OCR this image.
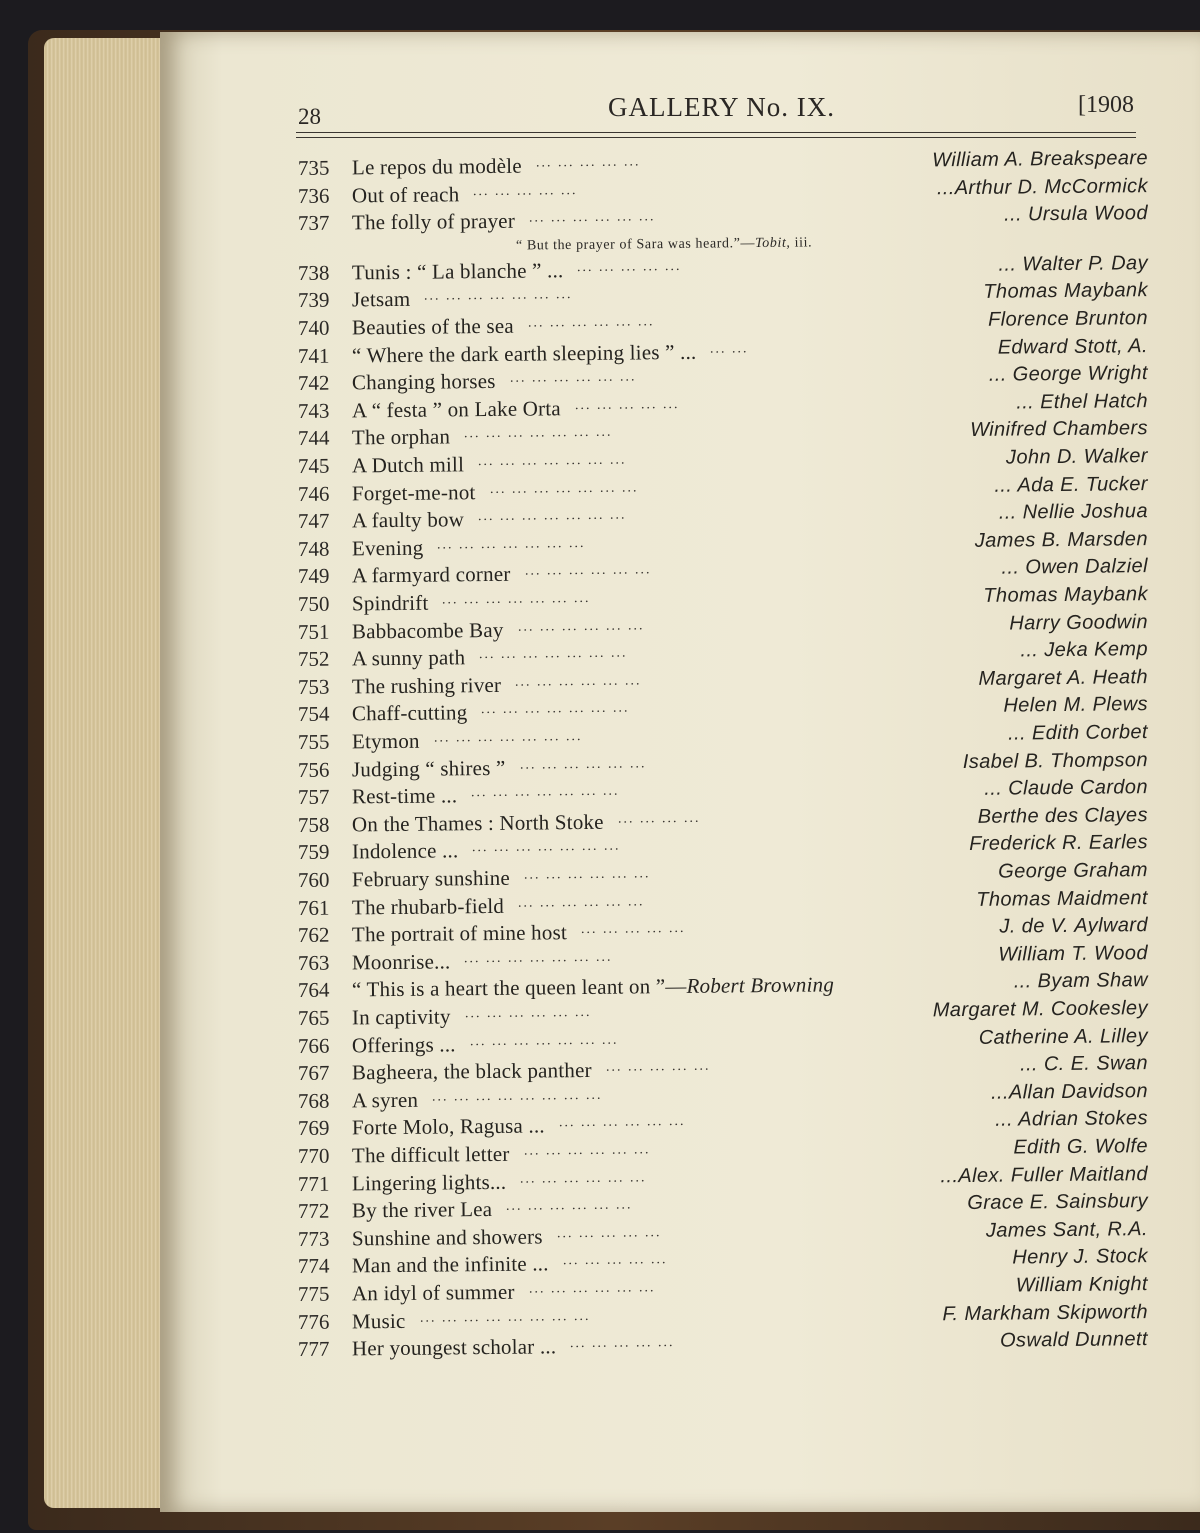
28	GALLERY No. IX.	[1908
“ But the prayer of Sara was heard.”—Tobit, iii.
735	Le repos du modèle	William A. Breakspeare
... ... ... ... ...
736	Out of reach	...Arthur D. McCormick
... ... ... ... ...
737	The folly of prayer	... Ursula Wood
... ... ... ... ... ...
738	Tunis : “ La blanche ” ...	... Walter P. Day
... ... ... ... ...
739	Jetsam	Thomas Maybank
... ... ... ... ... ... ...
740	Beauties of the sea	Florence Brunton
... ... ... ... ... ...
741	“ Where the dark earth sleeping lies ” ...	Edward Stott, A.
... ...
742	Changing horses	... George Wright
... ... ... ... ... ...
743	A “ festa ” on Lake Orta	... Ethel Hatch
... ... ... ... ...
744	The orphan	Winifred Chambers
... ... ... ... ... ... ...
745	A Dutch mill	John D. Walker
... ... ... ... ... ... ...
746	Forget-me-not	... Ada E. Tucker
... ... ... ... ... ... ...
747	A faulty bow	... Nellie Joshua
... ... ... ... ... ... ...
748	Evening	James B. Marsden
... ... ... ... ... ... ...
749	A farmyard corner	... Owen Dalziel
... ... ... ... ... ...
750	Spindrift	Thomas Maybank
... ... ... ... ... ... ...
751	Babbacombe Bay	Harry Goodwin
... ... ... ... ... ...
752	A sunny path	... Jeka Kemp
... ... ... ... ... ... ...
753	The rushing river	Margaret A. Heath
... ... ... ... ... ...
754	Chaff-cutting	Helen M. Plews
... ... ... ... ... ... ...
755	Etymon	... Edith Corbet
... ... ... ... ... ... ...
756	Judging “ shires ”	Isabel B. Thompson
... ... ... ... ... ...
757	Rest-time ...	... Claude Cardon
... ... ... ... ... ... ...
758	On the Thames : North Stoke	Berthe des Clayes
... ... ... ...
759	Indolence ...	Frederick R. Earles
... ... ... ... ... ... ...
760	February sunshine	George Graham
... ... ... ... ... ...
761	The rhubarb-field	Thomas Maidment
... ... ... ... ... ...
762	The portrait of mine host	J. de V. Aylward
... ... ... ... ...
763	Moonrise...	William T. Wood
... ... ... ... ... ... ...
764	“ This is a heart the queen leant on ”—Robert Browning	... Byam Shaw
765	In captivity	Margaret M. Cookesley
... ... ... ... ... ...
766	Offerings ...	Catherine A. Lilley
... ... ... ... ... ... ...
767	Bagheera, the black panther	... C. E. Swan
... ... ... ... ...
768	A syren	...Allan Davidson
... ... ... ... ... ... ... ...
769	Forte Molo, Ragusa ...	... Adrian Stokes
... ... ... ... ... ...
770	The difficult letter	Edith G. Wolfe
... ... ... ... ... ...
771	Lingering lights...	...Alex. Fuller Maitland
... ... ... ... ... ...
772	By the river Lea	Grace E. Sainsbury
... ... ... ... ... ...
773	Sunshine and showers	James Sant, R.A.
... ... ... ... ...
774	Man and the infinite ...	Henry J. Stock
... ... ... ... ...
775	An idyl of summer	William Knight
... ... ... ... ... ...
776	Music	F. Markham Skipworth
... ... ... ... ... ... ... ...
777	Her youngest scholar ...	Oswald Dunnett
... ... ... ... ...
